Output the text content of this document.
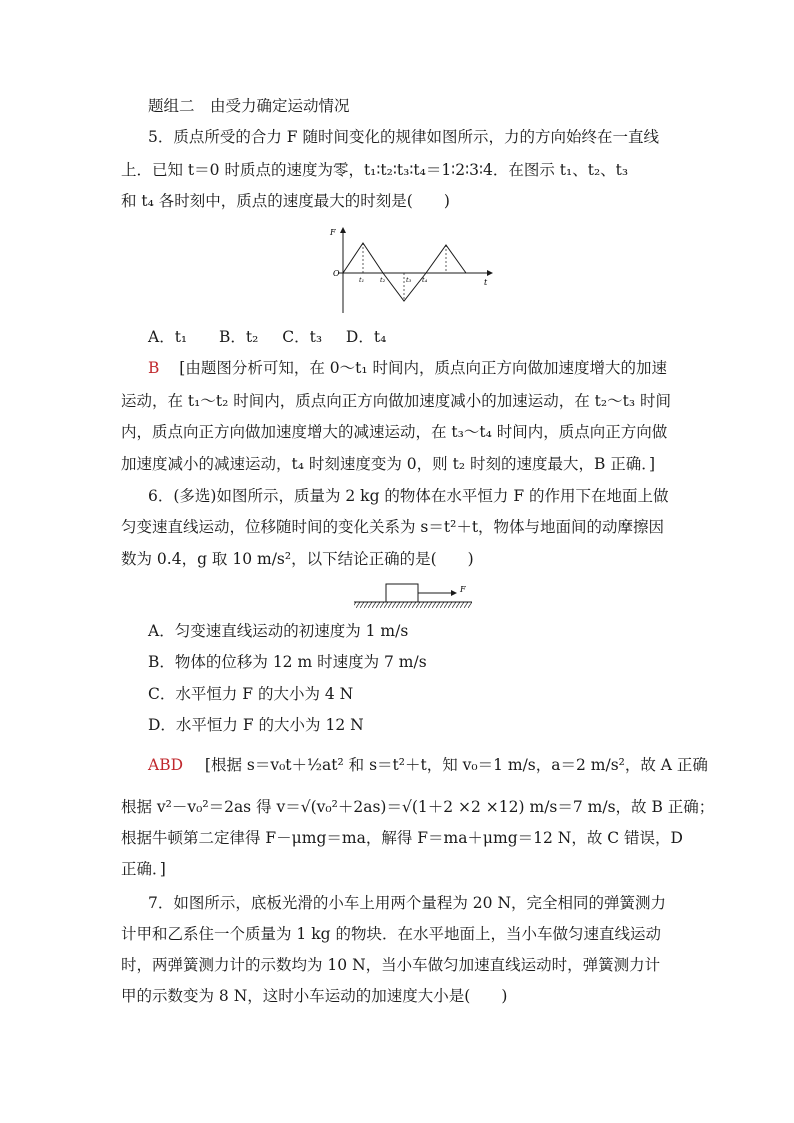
题组二　由受力确定运动情况
5．质点所受的合力 F 随时间变化的规律如图所示，力的方向始终在一直线
上．已知 t＝0 时质点的速度为零，t₁∶t₂∶t₃∶t₄＝1∶2∶3∶4．在图示 t₁、t₂、t₃
和 t₄ 各时刻中，质点的速度最大的时刻是(　　)
F
t
O
t₁ t₂	t₃ t₄
A．t₁ B．t₂ C．t₃ D．t₄
B [由题图分析可知，在 0～t₁ 时间内，质点向正方向做加速度增大的加速
运动，在 t₁～t₂ 时间内，质点向正方向做加速度减小的加速运动，在 t₂～t₃ 时间
内，质点向正方向做加速度增大的减速运动，在 t₃～t₄ 时间内，质点向正方向做
加速度减小的减速运动，t₄ 时刻速度变为 0，则 t₂ 时刻的速度最大，B 正确．]
6．(多选)如图所示，质量为 2 kg 的物体在水平恒力 F 的作用下在地面上做
匀变速直线运动，位移随时间的变化关系为 s＝t²＋t，物体与地面间的动摩擦因
数为 0.4，g 取 10 m/s²，以下结论正确的是(　　)
F
A．匀变速直线运动的初速度为 1 m/s
B．物体的位移为 12 m 时速度为 7 m/s
C．水平恒力 F 的大小为 4 N
D．水平恒力 F 的大小为 12 N
ABD [根据 s＝v₀t＋½at² 和 s＝t²＋t，知 v₀＝1 m/s，a＝2 m/s²，故 A 正确
根据 v²－v₀²＝2as 得 v＝√(v₀²＋2as)＝√(1＋2 ×2 ×12) m/s＝7 m/s，故 B 正确；
根据牛顿第二定律得 F－μmg＝ma，解得 F＝ma＋μmg＝12 N，故 C 错误，D
正确．]
7．如图所示，底板光滑的小车上用两个量程为 20 N，完全相同的弹簧测力
计甲和乙系住一个质量为 1 kg 的物块．在水平地面上，当小车做匀速直线运动
时，两弹簧测力计的示数均为 10 N，当小车做匀加速直线运动时，弹簧测力计
甲的示数变为 8 N，这时小车运动的加速度大小是(　　)
